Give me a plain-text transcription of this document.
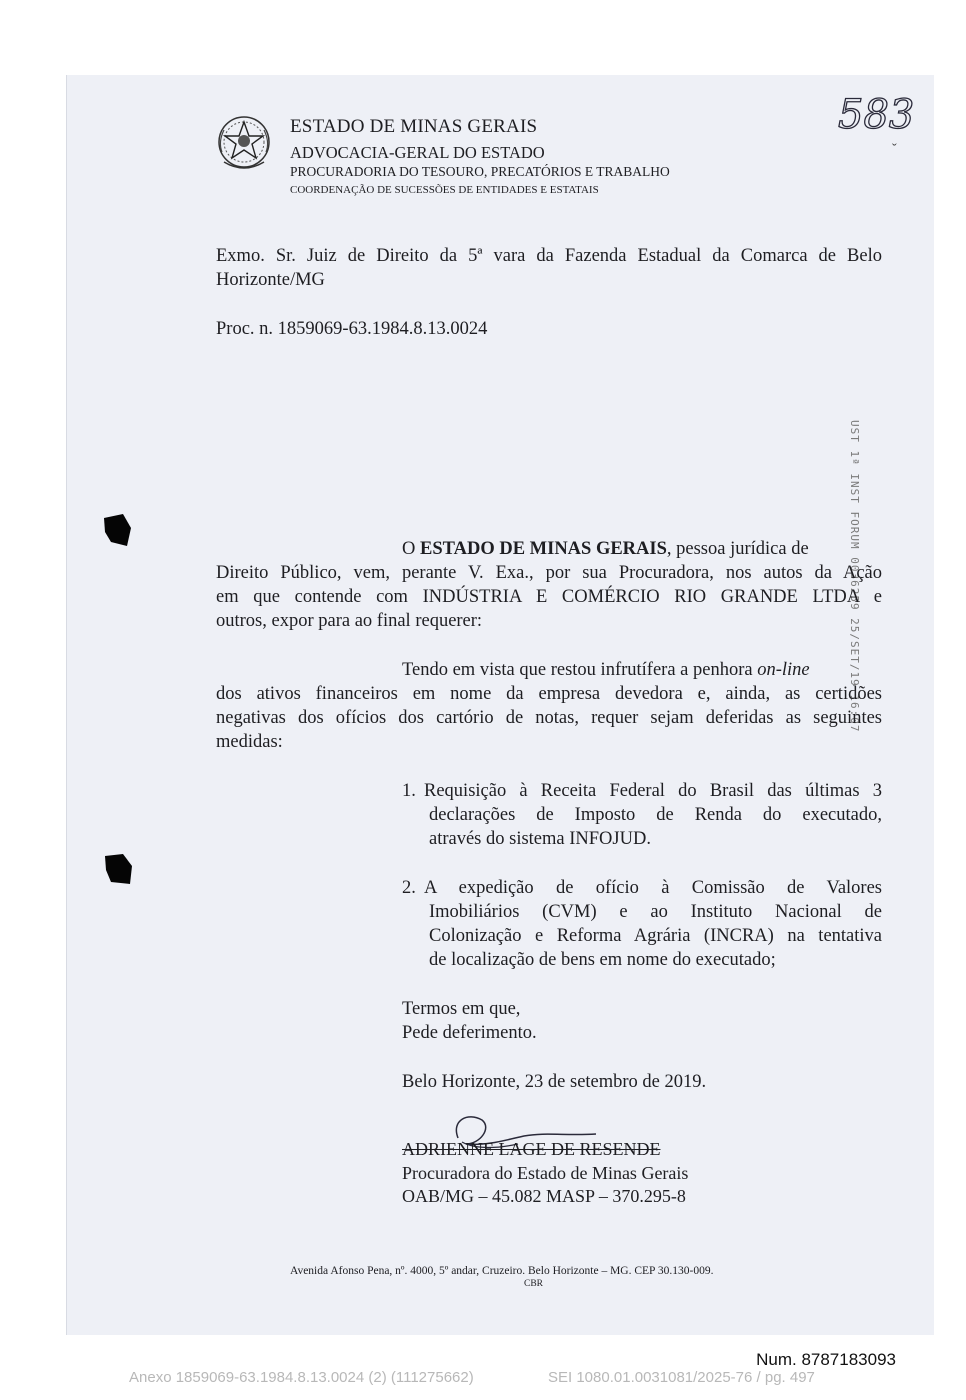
ESTADO DE MINAS GERAIS
ADVOCACIA-GERAL DO ESTADO
PROCURADORIA DO TESOURO, PRECATÓRIOS E TRABALHO
COORDENAÇÃO DE SUCESSÕES DE ENTIDADES E ESTATAIS
583
ˇ
Exmo. Sr. Juiz de Direito da 5ª vara da Fazenda Estadual da Comarca de Belo
Horizonte/MG
Proc. n. 1859069-63.1984.8.13.0024
UST 1ª INST FORUM 0036259 25/SET/19 16:07
O ESTADO DE MINAS GERAIS, pessoa jurídica de
Direito Público, vem, perante V. Exa., por sua Procuradora, nos autos da Ação
em que contende com INDÚSTRIA E COMÉRCIO RIO GRANDE LTDA e
outros, expor para ao final requerer:
Tendo em vista que restou infrutífera a penhora on-line
dos ativos financeiros em nome da empresa devedora e, ainda, as certidões
negativas dos ofícios dos cartório de notas, requer sejam deferidas as seguintes
medidas:
1. Requisição à Receita Federal do Brasil das últimas 3
declarações de Imposto de Renda do executado,
através do sistema INFOJUD.
2. A expedição de ofício à Comissão de Valores
Imobiliários (CVM) e ao Instituto Nacional de
Colonização e Reforma Agrária (INCRA) na tentativa
de localização de bens em nome do executado;
Termos em que,
Pede deferimento.
Belo Horizonte, 23 de setembro de 2019.
ADRIENNE LAGE DE RESENDE
Procuradora do Estado de Minas Gerais
OAB/MG – 45.082 MASP – 370.295-8
Avenida Afonso Pena, nº. 4000, 5º andar, Cruzeiro. Belo Horizonte – MG. CEP 30.130-009.
CBR
Num. 8787183093
Anexo 1859069-63.1984.8.13.0024 (2) (111275662)	SEI 1080.01.0031081/2025-76 / pg. 497
